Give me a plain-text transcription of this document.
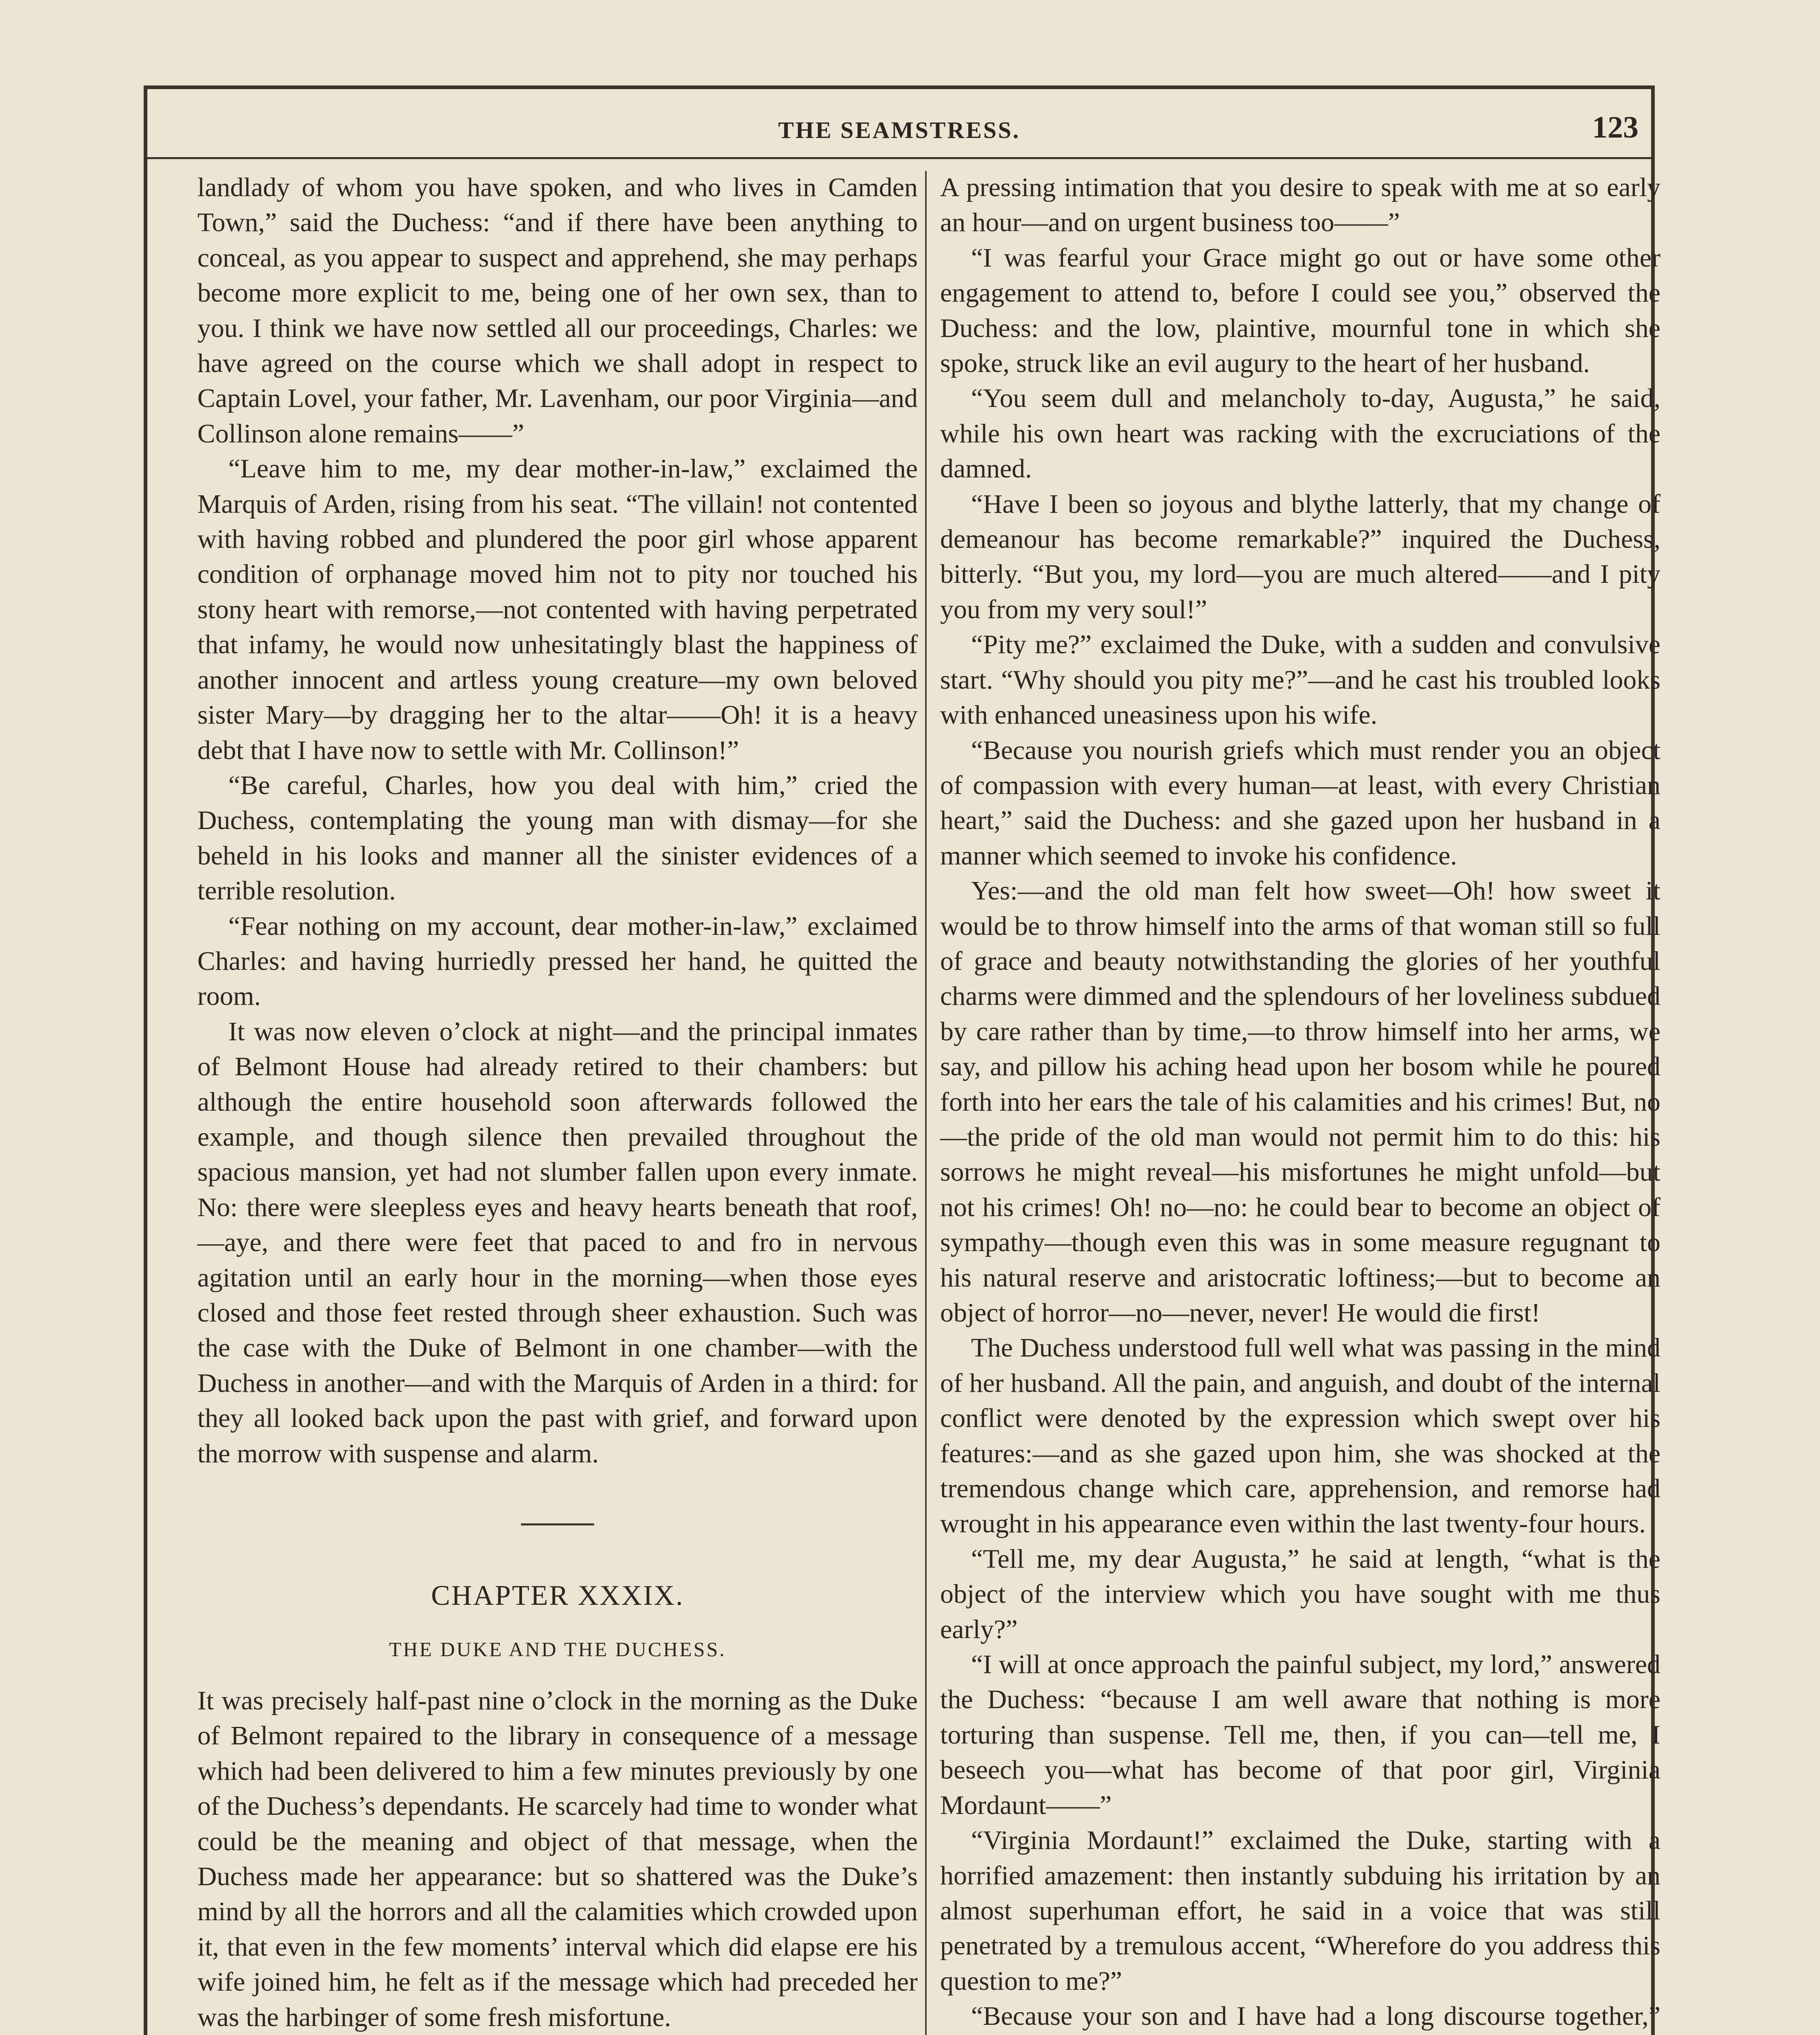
THE SEAMSTRESS.	123

landlady of whom you have spoken, and who lives in Camden Town,” said the Duchess: “and if there have been anything to conceal, as you appear to suspect and apprehend, she may perhaps become more explicit to me, being one of her own sex, than to you. I think we have now settled all our proceedings, Charles: we have agreed on the course which we shall adopt in respect to Captain Lovel, your father, Mr. Lavenham, our poor Virginia—and Collinson alone remains——”

“Leave him to me, my dear mother-in-law,” exclaimed the Marquis of Arden, rising from his seat. “The villain! not contented with having robbed and plundered the poor girl whose apparent condition of orphanage moved him not to pity nor touched his stony heart with remorse,—not contented with having perpetrated that infamy, he would now unhesitatingly blast the happiness of another innocent and artless young creature—my own beloved sister Mary—by dragging her to the altar——Oh! it is a heavy debt that I have now to settle with Mr. Collinson!”

“Be careful, Charles, how you deal with him,” cried the Duchess, contemplating the young man with dismay—for she beheld in his looks and manner all the sinister evidences of a terrible resolution.

“Fear nothing on my account, dear mother-in-law,” exclaimed Charles: and having hurriedly pressed her hand, he quitted the room.

It was now eleven o’clock at night—and the principal inmates of Belmont House had already retired to their chambers: but although the entire household soon afterwards followed the example, and though silence then prevailed throughout the spacious mansion, yet had not slumber fallen upon every inmate. No: there were sleepless eyes and heavy hearts beneath that roof,—aye, and there were feet that paced to and fro in nervous agitation until an early hour in the morning—when those eyes closed and those feet rested through sheer exhaustion. Such was the case with the Duke of Belmont in one chamber—with the Duchess in another—and with the Marquis of Arden in a third: for they all looked back upon the past with grief, and forward upon the morrow with suspense and alarm.

CHAPTER XXXIX.
THE DUKE AND THE DUCHESS.

It was precisely half-past nine o’clock in the morning as the Duke of Belmont repaired to the library in consequence of a message which had been delivered to him a few minutes previously by one of the Duchess’s dependants. He scarcely had time to wonder what could be the meaning and object of that message, when the Duchess made her appearance: but so shattered was the Duke’s mind by all the horrors and all the calamities which crowded upon it, that even in the few moments’ interval which did elapse ere his wife joined him, he felt as if the message which had preceded her was the harbinger of some fresh misfortune.

A pressing intimation that you desire to speak with me at so early an hour—and on urgent business too——”

“I was fearful your Grace might go out or have some other engagement to attend to, before I could see you,” observed the Duchess: and the low, plaintive, mournful tone in which she spoke, struck like an evil augury to the heart of her husband.

“You seem dull and melancholy to-day, Augusta,” he said, while his own heart was racking with the excruciations of the damned.

“Have I been so joyous and blythe latterly, that my change of demeanour has become remarkable?” inquired the Duchess, bitterly. “But you, my lord—you are much altered——and I pity you from my very soul!”

“Pity me?” exclaimed the Duke, with a sudden and convulsive start. “Why should you pity me?”—and he cast his troubled looks with enhanced uneasiness upon his wife.

“Because you nourish griefs which must render you an object of compassion with every human—at least, with every Christian heart,” said the Duchess: and she gazed upon her husband in a manner which seemed to invoke his confidence.

Yes:—and the old man felt how sweet—Oh! how sweet it would be to throw himself into the arms of that woman still so full of grace and beauty notwithstanding the glories of her youthful charms were dimmed and the splendours of her loveliness subdued by care rather than by time,—to throw himself into her arms, we say, and pillow his aching head upon her bosom while he poured forth into her ears the tale of his calamities and his crimes! But, no—the pride of the old man would not permit him to do this: his sorrows he might reveal—his misfortunes he might unfold—but not his crimes! Oh! no—no: he could bear to become an object of sympathy—though even this was in some measure regugnant to his natural reserve and aristocratic loftiness;—but to become an object of horror—no—never, never! He would die first!

The Duchess understood full well what was passing in the mind of her husband. All the pain, and anguish, and doubt of the internal conflict were denoted by the expression which swept over his features:—and as she gazed upon him, she was shocked at the tremendous change which care, apprehension, and remorse had wrought in his appearance even within the last twenty-four hours.

“Tell me, my dear Augusta,” he said at length, “what is the object of the interview which you have sought with me thus early?”

“I will at once approach the painful subject, my lord,” answered the Duchess: “because I am well aware that nothing is more torturing than suspense. Tell me, then, if you can—tell me, I beseech you—what has become of that poor girl, Virginia Mordaunt——”

“Virginia Mordaunt!” exclaimed the Duke, starting with a horrified amazement: then instantly subduing his irritation by an almost superhuman effort, he said in a voice that was still penetrated by a tremulous accent, “Wherefore do you address this question to me?”

“Because your son and I have had a long discourse together,”
